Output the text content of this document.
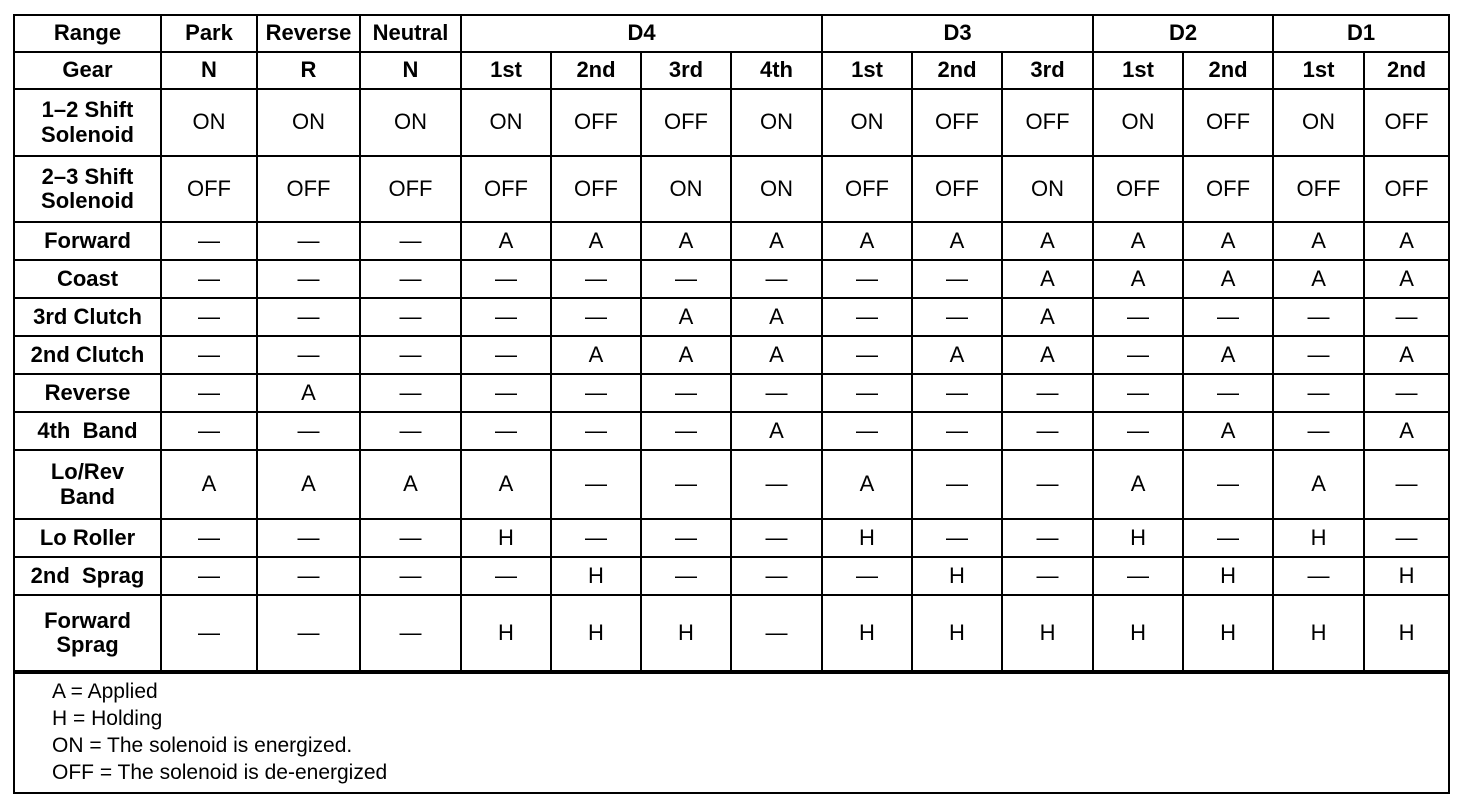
Range	Park	Reverse	Neutral	D4				D3			D2		D1	
Gear	N	R	N	1st	2nd	3rd	4th	1st	2nd	3rd	1st	2nd	1st	2nd

1–2 Shift
Solenoid	ON	ON	ON	ON	OFF	OFF	ON	ON	OFF	OFF	ON	OFF	ON	OFF

2–3 Shift
Solenoid	OFF	OFF	OFF	OFF	OFF	ON	ON	OFF	OFF	ON	OFF	OFF	OFF	OFF

Forward	—	—	—	A	A	A	A	A	A	A	A	A	A	A

Coast	—	—	—	—	—	—	—	—	—	A	A	A	A	A

3rd Clutch	—	—	—	—	—	A	A	—	—	A	—	—	—	—

2nd Clutch	—	—	—	—	A	A	A	—	A	A	—	A	—	A

Reverse	—	A	—	—	—	—	—	—	—	—	—	—	—	—

4th  Band	—	—	—	—	—	—	A	—	—	—	—	A	—	A

Lo/Rev
Band	A	A	A	A	—	—	—	A	—	—	A	—	A	—

Lo Roller	—	—	—	H	—	—	—	H	—	—	H	—	H	—

2nd  Sprag	—	—	—	—	H	—	—	—	H	—	—	H	—	H

Forward
Sprag	—	—	—	H	H	H	—	H	H	H	H	H	H	H
A = Applied
H = Holding
ON = The solenoid is energized.
OFF = The solenoid is de-energized
